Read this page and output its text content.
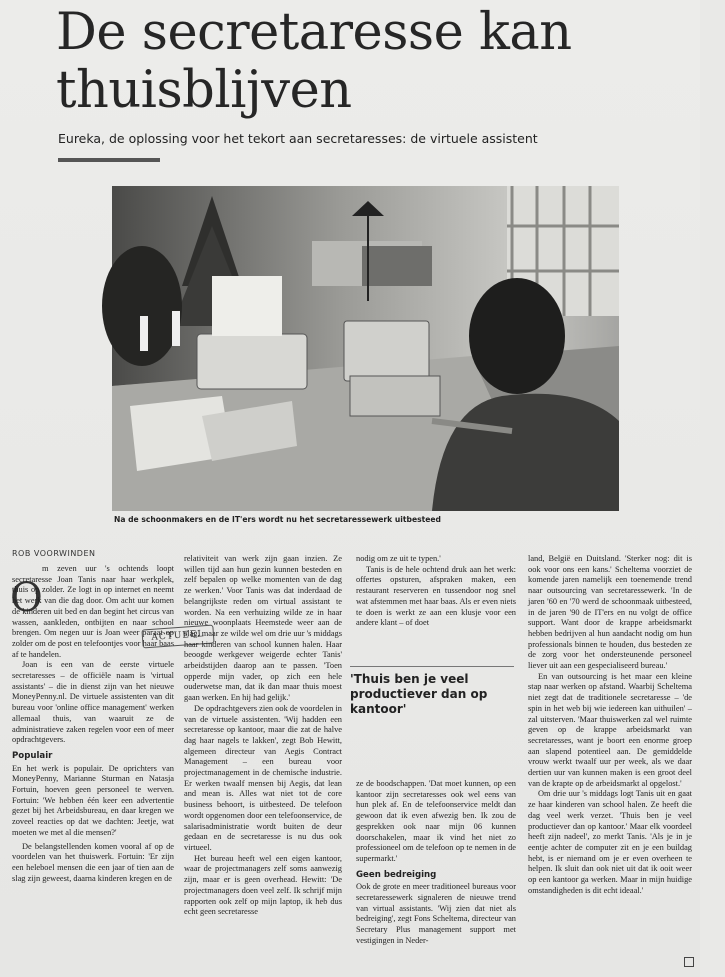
De secretaresse kan
thuisblijven
Eureka, de oplossing voor het tekort aan secretaresses: de virtuele assistent
FOTO MARCEL VAN HOORN/ANDREW HOOGTE
Na de schoonmakers en de IT'ers wordt nu het secretaressewerk uitbesteed
ROB VOORWINDEN
O

m zeven uur 's ochtends loopt secretaresse Joan Tanis naar haar werkplek, thuis op zolder. Ze logt in op internet en neemt het werk van die dag door. Om acht uur komen de kinderen uit bed en dan begint het circus van wassen, aankleden, ontbijten en naar school brengen. Om negen uur is Joan weer paraat op zolder om de post en telefoontjes voor haar baas af te handelen.

Joan is een van de eerste virtuele secretaresses – de officiële naam is 'virtual assistants' – die in dienst zijn van het nieuwe MoneyPenny.nl. De virtuele assistenten van dit bureau voor 'online office management' werken allemaal thuis, van waaruit ze de administratieve zaken regelen voor een of meer opdrachtgevers.

Populair

En het werk is populair. De oprichters van MoneyPenny, Marianne Sturman en Natasja Fortuin, hoeven geen personeel te werven. Fortuin: 'We hebben één keer een advertentie gezet bij het Arbeidsbureau, en daar kregen we zoveel reacties op dat we dachten: Jeetje, wat moeten we met al die mensen?'

De belangstellenden komen vooral af op de voordelen van het thuiswerk. Fortuin: 'Er zijn een heleboel mensen die een jaar of tien aan de slag zijn geweest, daarna kinderen kregen en de

ACTUEEL

relativiteit van werk zijn gaan inzien. Ze willen tijd aan hun gezin kunnen besteden en zelf bepalen op welke momenten van de dag ze werken.' Voor Tanis was dat inderdaad de belangrijkste reden om virtual assistant te worden. Na een verhuizing wilde ze in haar nieuwe woonplaats Heemstede weer aan de slag, maar ze wilde wel om drie uur 's middags haar kinderen van school kunnen halen. Haar beoogde werkgever weigerde echter Tanis' arbeidstijden daarop aan te passen. 'Toen opperde mijn vader, op zich een hele ouderwetse man, dat ik dan maar thuis moest gaan werken. En hij had gelijk.'

De opdrachtgevers zien ook de voordelen in van de virtuele assistenten. 'Wij hadden een secretaresse op kantoor, maar die zat de halve dag haar nagels te lakken', zegt Bob Hewitt, algemeen directeur van Aegis Contract Management – een bureau voor projectmanagement in de chemische industrie. Er werken twaalf mensen bij Aegis, dat lean and mean is. Alles wat niet tot de core business behoort, is uitbesteed. De telefoon wordt opgenomen door een telefoonservice, de salarisadministratie wordt buiten de deur gedaan en de secretaresse is nu dus ook virtueel.

Het bureau heeft wel een eigen kantoor, waar de projectmanagers zelf soms aanwezig zijn, maar er is geen overhead. Hewitt: 'De projectmanagers doen veel zelf. Ik schrijf mijn rapporten ook zelf op mijn laptop, ik heb dus echt geen secretaresse

nodig om ze uit te typen.'

Tanis is de hele ochtend druk aan het werk: offertes opsturen, afspraken maken, een restaurant reserveren en tussendoor nog snel wat afstemmen met haar baas. Als er even niets te doen is werkt ze aan een klusje voor een andere klant – of doet

'Thuis ben je veel productiever dan op kantoor'

ze de boodschappen. 'Dat moet kunnen, op een kantoor zijn secretaresses ook wel eens van hun plek af. En de telefoonservice meldt dan gewoon dat ik even afwezig ben. Ik zou de gesprekken ook naar mijn 06 kunnen doorschakelen, maar ik vind het niet zo professioneel om de telefoon op te nemen in de supermarkt.'

Geen bedreiging

Ook de grote en meer traditioneel bureaus voor secretaressewerk signaleren de nieuwe trend van virtual assistants. 'Wij zien dat niet als bedreiging', zegt Fons Scheltema, directeur van Secretary Plus management support met vestigingen in Neder-

land, België en Duitsland. 'Sterker nog: dit is ook voor ons een kans.' Scheltema voorziet de komende jaren namelijk een toenemende trend naar outsourcing van secretaressewerk. 'In de jaren '60 en '70 werd de schoonmaak uitbesteed, in de jaren '90 de IT'ers en nu volgt de office support. Want door de krappe arbeidsmarkt hebben bedrijven al hun aandacht nodig om hun professionals binnen te houden, dus besteden ze de zorg voor het ondersteunende personeel liever uit aan een gespecialiseerd bureau.'

En van outsourcing is het maar een kleine stap naar werken op afstand. Waarbij Scheltema niet zegt dat de traditionele secretaresse – 'de spin in het web bij wie iedereen kan uithuilen' – zal uitsterven. 'Maar thuiswerken zal wel ruimte geven op de krappe arbeidsmarkt van secretaresses, want je boort een enorme groep aan slapend potentieel aan. De gemiddelde vrouw werkt twaalf uur per week, als we daar dertien uur van kunnen maken is een groot deel van de krapte op de arbeidsmarkt al opgelost.'

Om drie uur 's middags logt Tanis uit en gaat ze haar kinderen van school halen. Ze heeft die dag veel werk verzet. 'Thuis ben je veel productiever dan op kantoor.' Maar elk voordeel heeft zijn nadeel', zo merkt Tanis. 'Als je in je eentje achter de computer zit en je een buildag hebt, is er niemand om je er even overheen te helpen. Ik sluit dan ook niet uit dat ik ooit weer op een kantoor ga werken. Maar in mijn huidige omstandigheden is dit echt ideaal.'
